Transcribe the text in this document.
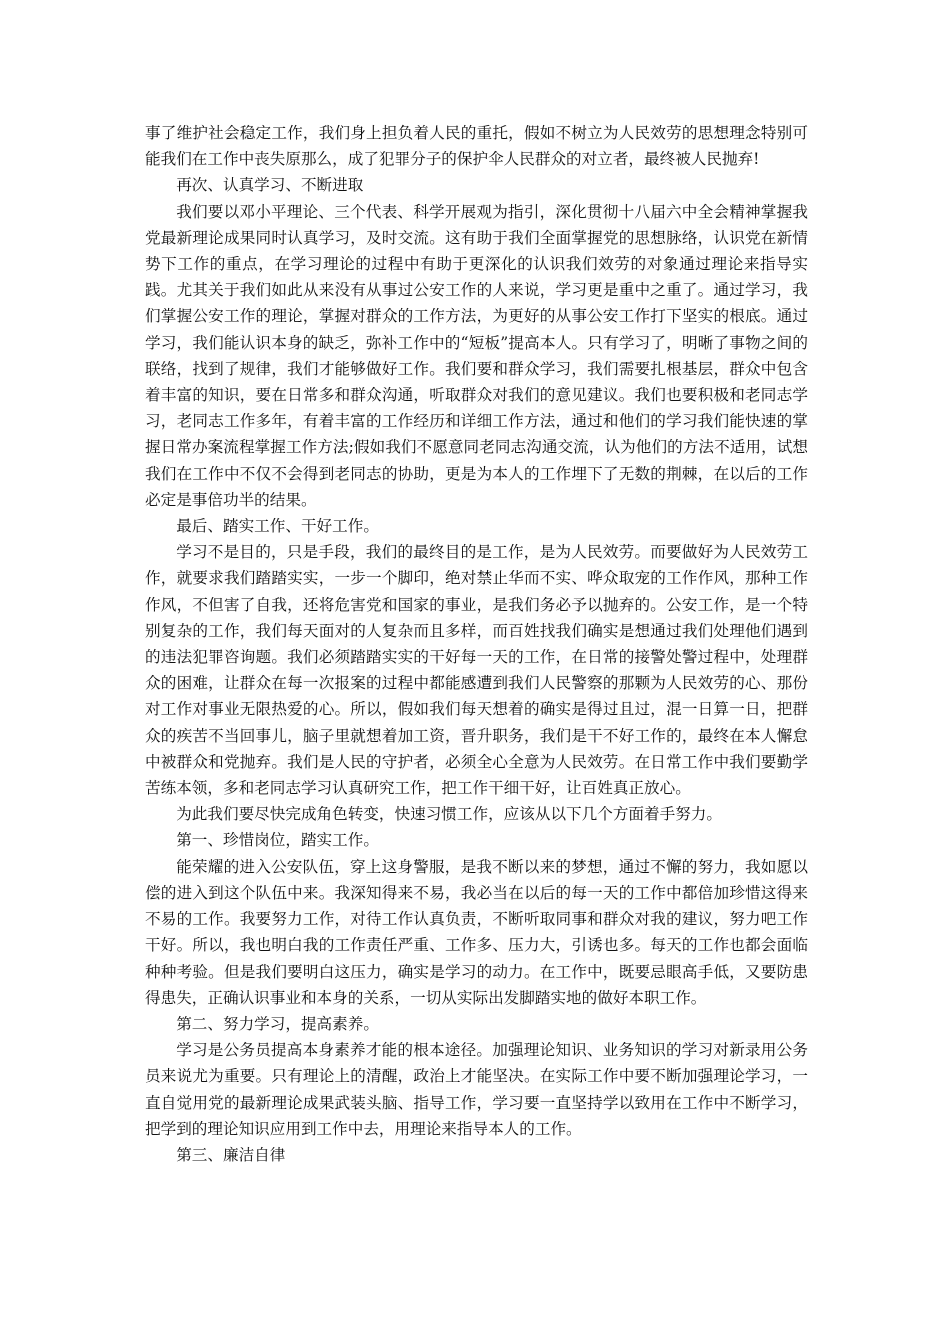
事了维护社会稳定工作，我们身上担负着人民的重托，假如不树立为人民效劳的思想理念特别可能我们在工作中丧失原那么，成了犯罪分子的保护伞人民群众的对立者，最终被人民抛弃!

再次、认真学习、不断进取

我们要以邓小平理论、三个代表、科学开展观为指引，深化贯彻十八届六中全会精神掌握我党最新理论成果同时认真学习，及时交流。这有助于我们全面掌握党的思想脉络，认识党在新情势下工作的重点，在学习理论的过程中有助于更深化的认识我们效劳的对象通过理论来指导实践。尤其关于我们如此从来没有从事过公安工作的人来说，学习更是重中之重了。通过学习，我们掌握公安工作的理论，掌握对群众的工作方法，为更好的从事公安工作打下坚实的根底。通过学习，我们能认识本身的缺乏，弥补工作中的“短板”提高本人。只有学习了，明晰了事物之间的联络，找到了规律，我们才能够做好工作。我们要和群众学习，我们需要扎根基层，群众中包含着丰富的知识，要在日常多和群众沟通，听取群众对我们的意见建议。我们也要积极和老同志学习，老同志工作多年，有着丰富的工作经历和详细工作方法，通过和他们的学习我们能快速的掌握日常办案流程掌握工作方法;假如我们不愿意同老同志沟通交流，认为他们的方法不适用，试想我们在工作中不仅不会得到老同志的协助，更是为本人的工作埋下了无数的荆棘，在以后的工作必定是事倍功半的结果。

最后、踏实工作、干好工作。

学习不是目的，只是手段，我们的最终目的是工作，是为人民效劳。而要做好为人民效劳工作，就要求我们踏踏实实，一步一个脚印，绝对禁止华而不实、哗众取宠的工作作风，那种工作作风，不但害了自我，还将危害党和国家的事业，是我们务必予以抛弃的。公安工作，是一个特别复杂的工作，我们每天面对的人复杂而且多样，而百姓找我们确实是想通过我们处理他们遇到的违法犯罪咨询题。我们必须踏踏实实的干好每一天的工作，在日常的接警处警过程中，处理群众的困难，让群众在每一次报案的过程中都能感遭到我们人民警察的那颗为人民效劳的心、那份对工作对事业无限热爱的心。所以，假如我们每天想着的确实是得过且过，混一日算一日，把群众的疾苦不当回事儿，脑子里就想着加工资，晋升职务，我们是干不好工作的，最终在本人懈怠中被群众和党抛弃。我们是人民的守护者，必须全心全意为人民效劳。在日常工作中我们要勤学苦练本领，多和老同志学习认真研究工作，把工作干细干好，让百姓真正放心。

为此我们要尽快完成角色转变，快速习惯工作，应该从以下几个方面着手努力。

第一、珍惜岗位，踏实工作。

能荣耀的进入公安队伍，穿上这身警服，是我不断以来的梦想，通过不懈的努力，我如愿以偿的进入到这个队伍中来。我深知得来不易，我必当在以后的每一天的工作中都倍加珍惜这得来不易的工作。我要努力工作，对待工作认真负责，不断听取同事和群众对我的建议，努力吧工作干好。所以，我也明白我的工作责任严重、工作多、压力大，引诱也多。每天的工作也都会面临种种考验。但是我们要明白这压力，确实是学习的动力。在工作中，既要忌眼高手低，又要防患得患失，正确认识事业和本身的关系，一切从实际出发脚踏实地的做好本职工作。

第二、努力学习，提高素养。

学习是公务员提高本身素养才能的根本途径。加强理论知识、业务知识的学习对新录用公务员来说尤为重要。只有理论上的清醒，政治上才能坚决。在实际工作中要不断加强理论学习，一直自觉用党的最新理论成果武装头脑、指导工作，学习要一直坚持学以致用在工作中不断学习，把学到的理论知识应用到工作中去，用理论来指导本人的工作。

第三、廉洁自律
